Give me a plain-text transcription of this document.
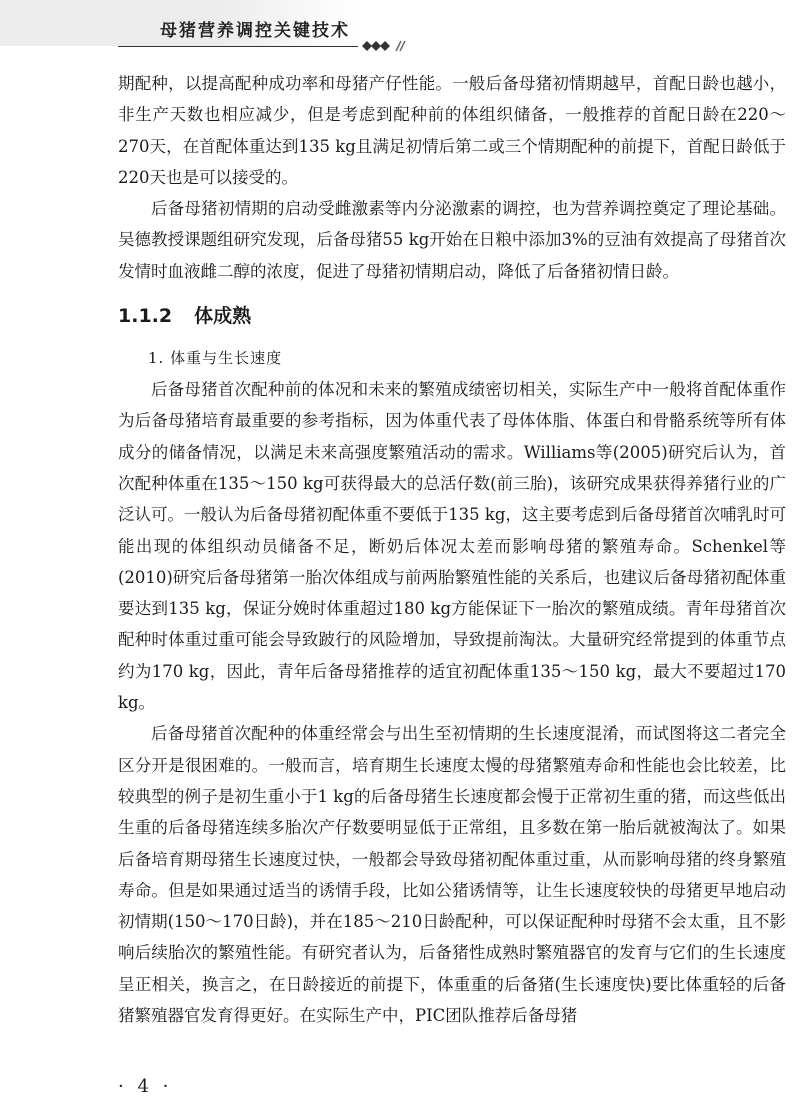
母猪营养调控关键技术

期配种，以提高配种成功率和母猪产仔性能。一般后备母猪初情期越早，首配日龄也越小，非生产天数也相应减少，但是考虑到配种前的体组织储备，一般推荐的首配日龄在220～270天，在首配体重达到135 kg且满足初情后第二或三个情期配种的前提下，首配日龄低于220天也是可以接受的。

后备母猪初情期的启动受雌激素等内分泌激素的调控，也为营养调控奠定了理论基础。吴德教授课题组研究发现，后备母猪55 kg开始在日粮中添加3%的豆油有效提高了母猪首次发情时血液雌二醇的浓度，促进了母猪初情期启动，降低了后备猪初情日龄。

1.1.2 体成熟
1. 体重与生长速度

后备母猪首次配种前的体况和未来的繁殖成绩密切相关，实际生产中一般将首配体重作为后备母猪培育最重要的参考指标，因为体重代表了母体体脂、体蛋白和骨骼系统等所有体成分的储备情况，以满足未来高强度繁殖活动的需求。Williams等(2005)研究后认为，首次配种体重在135～150 kg可获得最大的总活仔数(前三胎)，该研究成果获得养猪行业的广泛认可。一般认为后备母猪初配体重不要低于135 kg，这主要考虑到后备母猪首次哺乳时可能出现的体组织动员储备不足，断奶后体况太差而影响母猪的繁殖寿命。Schenkel等(2010)研究后备母猪第一胎次体组成与前两胎繁殖性能的关系后，也建议后备母猪初配体重要达到135 kg，保证分娩时体重超过180 kg方能保证下一胎次的繁殖成绩。青年母猪首次配种时体重过重可能会导致跛行的风险增加，导致提前淘汰。大量研究经常提到的体重节点约为170 kg，因此，青年后备母猪推荐的适宜初配体重135～150 kg，最大不要超过170 kg。

后备母猪首次配种的体重经常会与出生至初情期的生长速度混淆，而试图将这二者完全区分开是很困难的。一般而言，培育期生长速度太慢的母猪繁殖寿命和性能也会比较差，比较典型的例子是初生重小于1 kg的后备母猪生长速度都会慢于正常初生重的猪，而这些低出生重的后备母猪连续多胎次产仔数要明显低于正常组，且多数在第一胎后就被淘汰了。如果后备培育期母猪生长速度过快，一般都会导致母猪初配体重过重，从而影响母猪的终身繁殖寿命。但是如果通过适当的诱情手段，比如公猪诱情等，让生长速度较快的母猪更早地启动初情期(150～170日龄)，并在185～210日龄配种，可以保证配种时母猪不会太重，且不影响后续胎次的繁殖性能。有研究者认为，后备猪性成熟时繁殖器官的发育与它们的生长速度呈正相关，换言之，在日龄接近的前提下，体重重的后备猪(生长速度快)要比体重轻的后备猪繁殖器官发育得更好。在实际生产中，PIC团队推荐后备母猪

· 4 ·
